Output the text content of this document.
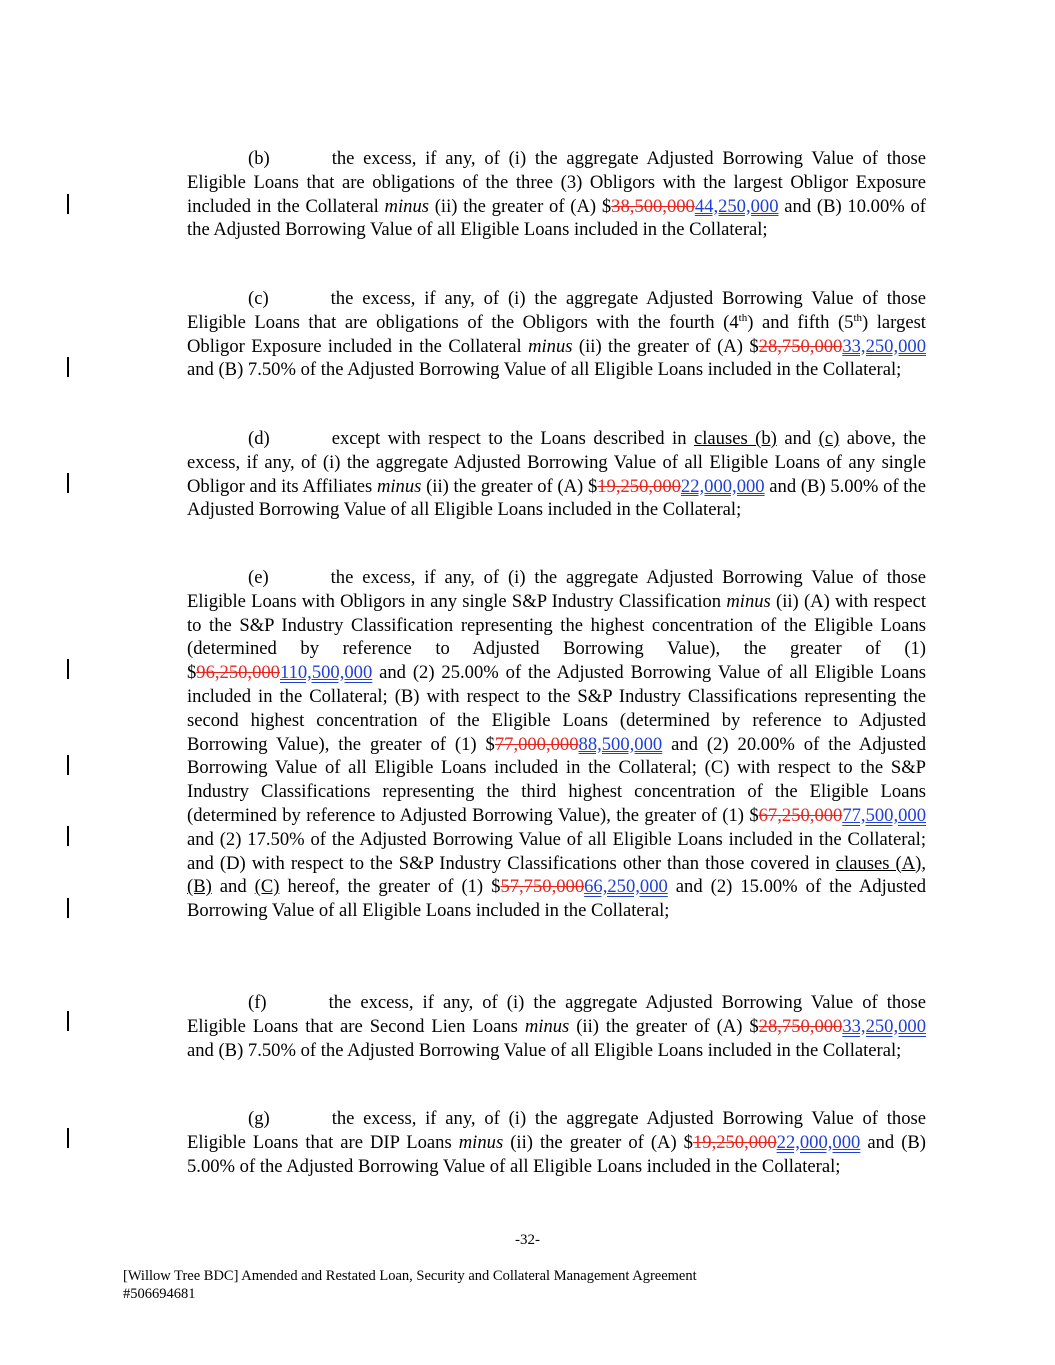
(b)	the excess, if any, of (i) the aggregate Adjusted Borrowing Value of those Eligible Loans that are obligations of the three (3) Obligors with the largest Obligor Exposure included in the Collateral minus (ii) the greater of (A) $38,500,00044,250,000 and (B) 10.00% of the Adjusted Borrowing Value of all Eligible Loans included in the Collateral;
(c)	the excess, if any, of (i) the aggregate Adjusted Borrowing Value of those Eligible Loans that are obligations of the Obligors with the fourth (4th) and fifth (5th) largest Obligor Exposure included in the Collateral minus (ii) the greater of (A) $28,750,00033,250,000 and (B) 7.50% of the Adjusted Borrowing Value of all Eligible Loans included in the Collateral;
(d)	except with respect to the Loans described in clauses (b) and (c) above, the excess, if any, of (i) the aggregate Adjusted Borrowing Value of all Eligible Loans of any single Obligor and its Affiliates minus (ii) the greater of (A) $19,250,00022,000,000 and (B) 5.00% of the Adjusted Borrowing Value of all Eligible Loans included in the Collateral;
(e)	the excess, if any, of (i) the aggregate Adjusted Borrowing Value of those Eligible Loans with Obligors in any single S&P Industry Classification minus (ii) (A) with respect to the S&P Industry Classification representing the highest concentration of the Eligible Loans (determined by reference to Adjusted Borrowing Value), the greater of (1) $96,250,000110,500,000 and (2) 25.00% of the Adjusted Borrowing Value of all Eligible Loans included in the Collateral; (B) with respect to the S&P Industry Classifications representing the second highest concentration of the Eligible Loans (determined by reference to Adjusted Borrowing Value), the greater of (1) $77,000,00088,500,000 and (2) 20.00% of the Adjusted Borrowing Value of all Eligible Loans included in the Collateral; (C) with respect to the S&P Industry Classifications representing the third highest concentration of the Eligible Loans (determined by reference to Adjusted Borrowing Value), the greater of (1) $67,250,00077,500,000 and (2) 17.50% of the Adjusted Borrowing Value of all Eligible Loans included in the Collateral; and (D) with respect to the S&P Industry Classifications other than those covered in clauses (A), (B) and (C) hereof, the greater of (1) $57,750,00066,250,000 and (2) 15.00% of the Adjusted Borrowing Value of all Eligible Loans included in the Collateral;
(f)	the excess, if any, of (i) the aggregate Adjusted Borrowing Value of those Eligible Loans that are Second Lien Loans minus (ii) the greater of (A) $28,750,00033,250,000 and (B) 7.50% of the Adjusted Borrowing Value of all Eligible Loans included in the Collateral;
(g)	the excess, if any, of (i) the aggregate Adjusted Borrowing Value of those Eligible Loans that are DIP Loans minus (ii) the greater of (A) $19,250,00022,000,000 and (B) 5.00% of the Adjusted Borrowing Value of all Eligible Loans included in the Collateral;
-32-
[Willow Tree BDC] Amended and Restated Loan, Security and Collateral Management Agreement
#506694681
